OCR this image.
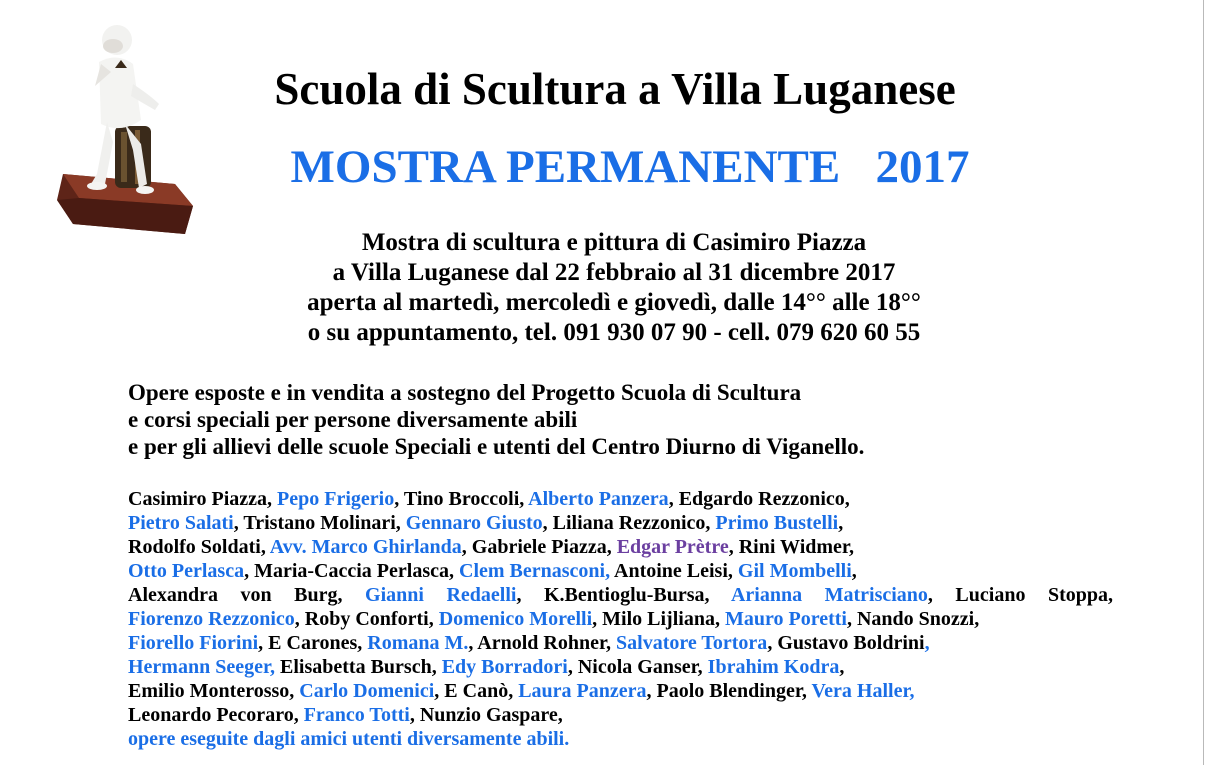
Scuola di Scultura a Villa Luganese
MOSTRA PERMANENTE   2017
Mostra di scultura e pittura di Casimiro Piazza
a Villa Luganese dal 22 febbraio al 31 dicembre 2017
aperta al martedì, mercoledì e giovedì, dalle 14°° alle 18°°
o su appuntamento, tel. 091 930 07 90 - cell. 079 620 60 55
Opere esposte e in vendita a sostegno del Progetto Scuola di Scultura
e corsi speciali per persone diversamente abili
e per gli allievi delle scuole Speciali e utenti del Centro Diurno di Viganello.
Casimiro Piazza, Pepo Frigerio, Tino Broccoli, Alberto Panzera, Edgardo Rezzonico,
Pietro Salati, Tristano Molinari, Gennaro Giusto, Liliana Rezzonico, Primo Bustelli,
Rodolfo Soldati, Avv. Marco Ghirlanda, Gabriele Piazza, Edgar Prètre, Rini Widmer,
Otto Perlasca, Maria-Caccia Perlasca, Clem Bernasconi, Antoine Leisi, Gil Mombelli,
Alexandra von Burg, Gianni Redaelli, K.Bentioglu-Bursa, Arianna Matrisciano, Luciano Stoppa,
Fiorenzo Rezzonico, Roby Conforti, Domenico Morelli, Milo Lijliana, Mauro Poretti, Nando Snozzi,
Fiorello Fiorini, E Carones, Romana M., Arnold Rohner, Salvatore Tortora, Gustavo Boldrini,
Hermann Seeger, Elisabetta Bursch, Edy Borradori, Nicola Ganser, Ibrahim Kodra,
Emilio Monterosso, Carlo Domenici, E Canò, Laura Panzera, Paolo Blendinger, Vera Haller,
Leonardo Pecoraro, Franco Totti, Nunzio Gaspare,
opere eseguite dagli amici utenti diversamente abili.
